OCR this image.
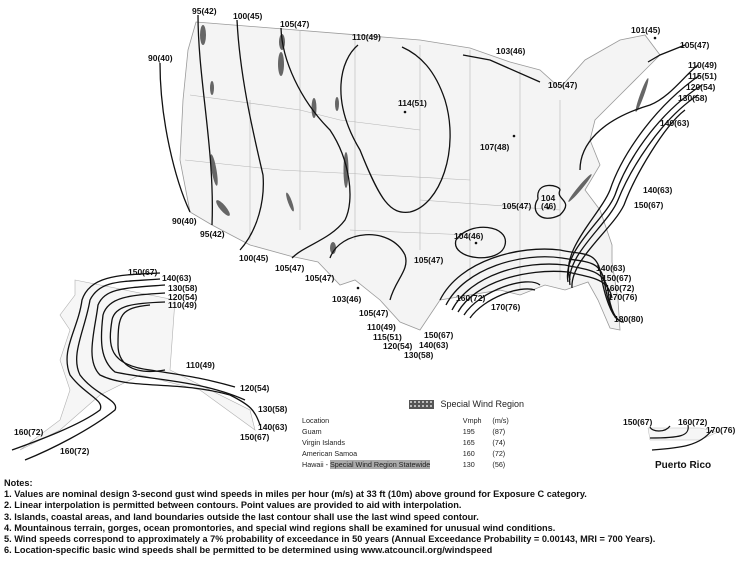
95(42) 100(45)
105(47)
110(49)
90(40)
114(51)
103(46)
105(47)
107(48)
101(45)
105(47)
110(49)
115(51)
120(54)
130(58)
140(63)
104
(46)
105(47)
140(63)
150(67)
90(40)
95(42)
100(45)
105(47)
104(46)
105(47)
105(47)
103(46)	160(72)
170(76)
140(63)
150(67)
160(72)
170(76)
180(80)
105(47)
110(49)
115(51)
120(54)
130(58)
150(67)
140(63)
150(67)
140(63)
130(58)
120(54)
110(49)
110(49)
120(54)
130(58)
140(63)
150(67)
160(72)
160(72)
150(67)	160(72)
170(76)
Special Wind Region
Location	Vmph	(m/s)
Guam	195	(87)
Virgin Islands	165	(74)
American Samoa	160	(72)
Hawaii - Special Wind Region Statewide	130	(56)	Puerto Rico
Notes:
1. Values are nominal design 3-second gust wind speeds in miles per hour (m/s) at 33 ft (10m) above ground for Exposure C category.
2. Linear interpolation is permitted between contours. Point values are provided to aid with interpolation.
3. Islands, coastal areas, and land boundaries outside the last contour shall use the last wind speed contour.
4. Mountainous terrain, gorges, ocean promontories, and special wind regions shall be examined for unusual wind conditions.
5. Wind speeds correspond to approximately a 7% probability of exceedance in 50 years (Annual Exceedance Probability = 0.00143, MRI = 700 Years).
6. Location-specific basic wind speeds shall be permitted to be determined using www.atcouncil.org/windspeed
